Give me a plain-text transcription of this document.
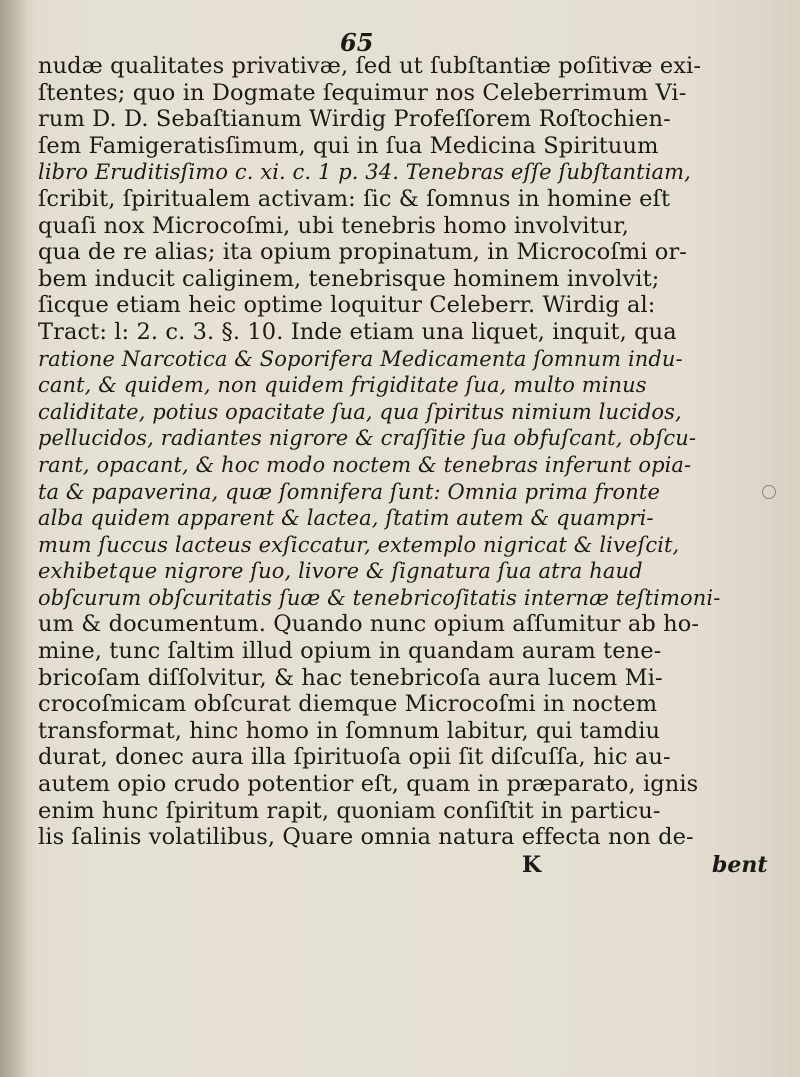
65
nudæ qualitates privativæ, ſed ut ſubſtantiæ poſitivæ exi-
ſtentes; quo in Dogmate ſequimur nos Celeberrimum Vi-
rum D. D. Sebaſtianum Wirdig Profeſſorem Roſtochien-
ſem Famigeratisſimum, qui in ſua Medicina Spirituum
libro Eruditisſimo c. xi. c. 1 p. 34. Tenebras eſſe ſubſtantiam,
ſcribit, ſpiritualem activam: ſic & ſomnus in homine eſt
quaſi nox Microcoſmi, ubi tenebris homo involvitur,
qua de re alias; ita opium propinatum, in Microcoſmi or-
bem inducit caliginem, tenebrisque hominem involvit;
ſicque etiam heic optime loquitur Celeberr. Wirdig al:
Tract: l: 2. c. 3. §. 10. Inde etiam una liquet, inquit, qua
ratione Narcotica & Soporifera Medicamenta ſomnum indu-
cant, & quidem, non quidem frigiditate ſua, multo minus
caliditate, potius opacitate ſua, qua ſpiritus nimium lucidos,
pellucidos, radiantes nigrore & craſſitie ſua obfuſcant, obſcu-
rant, opacant, & hoc modo noctem & tenebras inferunt opia-
ta & papaverina, quæ ſomnifera ſunt: Omnia prima fronte
alba quidem apparent & lactea, ſtatim autem & quampri-
mum ſuccus lacteus exſiccatur, extemplo nigricat & liveſcit,
exhibetque nigrore ſuo, livore & ſignatura ſua atra haud
obſcurum obſcuritatis ſuæ & tenebricoſitatis internæ teſtimoni-
um & documentum. Quando nunc opium aſſumitur ab ho-
mine, tunc ſaltim illud opium in quandam auram tene-
bricoſam diſſolvitur, & hac tenebricoſa aura lucem Mi-
crocoſmicam obſcurat diemque Microcoſmi in noctem
transformat, hinc homo in ſomnum labitur, qui tamdiu
durat, donec aura illa ſpirituoſa opii ſit diſcuſſa, hic au-
autem opio crudo potentior eſt, quam in præparato, ignis
enim hunc ſpiritum rapit, quoniam conſiſtit in particu-
lis ſalinis volatilibus, Quare omnia natura effecta non de-
K	bent
